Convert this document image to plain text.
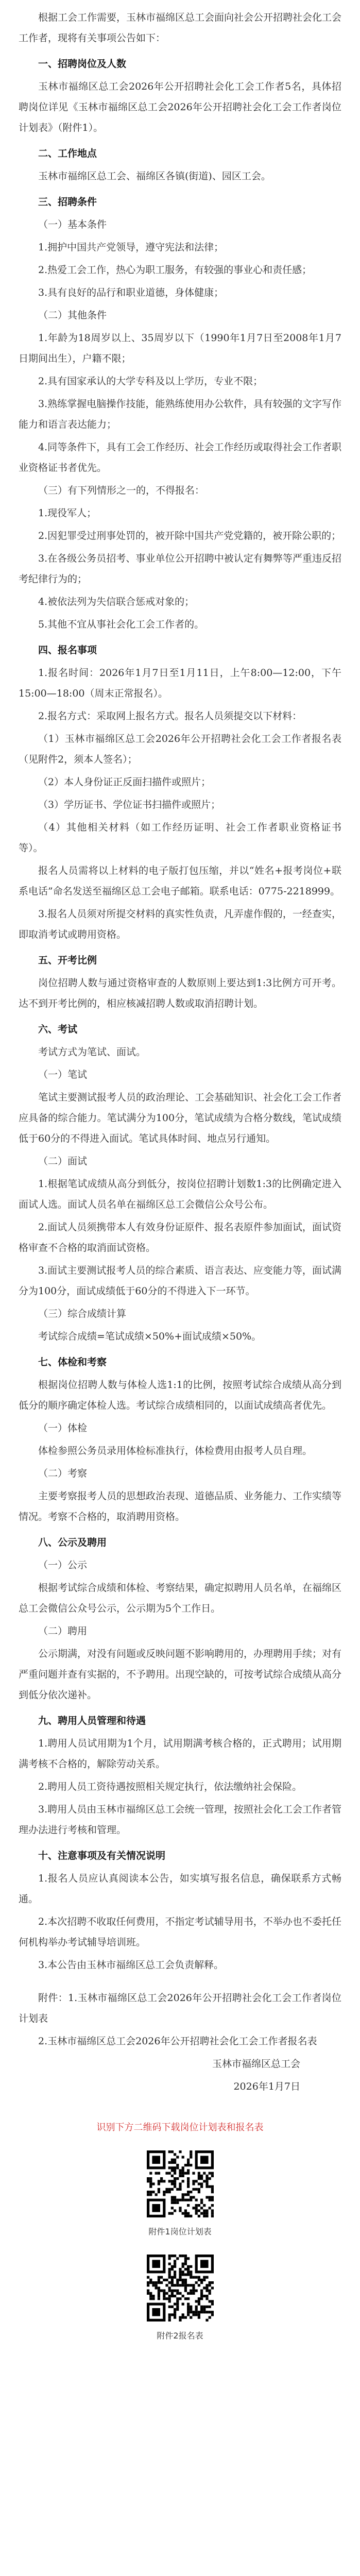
根据工会工作需要，玉林市福绵区总工会面向社会公开招聘社会化工会工作者，现将有关事项公告如下：

一、招聘岗位及人数

玉林市福绵区总工会2026年公开招聘社会化工会工作者5名，具体招聘岗位详见《玉林市福绵区总工会2026年公开招聘社会化工会工作者岗位计划表》（附件1）。

二、工作地点

玉林市福绵区总工会、福绵区各镇(街道)、园区工会。

三、招聘条件

（一）基本条件

1.拥护中国共产党领导，遵守宪法和法律；

2.热爱工会工作，热心为职工服务，有较强的事业心和责任感；

3.具有良好的品行和职业道德，身体健康；

（二）其他条件

1.年龄为18周岁以上、35周岁以下（1990年1月7日至2008年1月7日期间出生），户籍不限；

2.具有国家承认的大学专科及以上学历，专业不限；

3.熟练掌握电脑操作技能，能熟练使用办公软件，具有较强的文字写作能力和语言表达能力；

4.同等条件下，具有工会工作经历、社会工作经历或取得社会工作者职业资格证书者优先。

（三）有下列情形之一的，不得报名：

1.现役军人；

2.因犯罪受过刑事处罚的，被开除中国共产党党籍的，被开除公职的；

3.在各级公务员招考、事业单位公开招聘中被认定有舞弊等严重违反招考纪律行为的；

4.被依法列为失信联合惩戒对象的；

5.其他不宜从事社会化工会工作者的。

四、报名事项

1.报名时间：2026年1月7日至1月11日，上午8:00—12:00，下午15:00—18:00（周末正常报名）。

2.报名方式：采取网上报名方式。报名人员须提交以下材料：

（1）玉林市福绵区总工会2026年公开招聘社会化工会工作者报名表（见附件2，须本人签名）；

（2）本人身份证正反面扫描件或照片；

（3）学历证书、学位证书扫描件或照片；

（4）其他相关材料（如工作经历证明、社会工作者职业资格证书等）。

报名人员需将以上材料的电子版打包压缩，并以“姓名+报考岗位+联系电话”命名发送至福绵区总工会电子邮箱。联系电话：0775-2218999。

3.报名人员须对所提交材料的真实性负责，凡弄虚作假的，一经查实，即取消考试或聘用资格。

五、开考比例

岗位招聘人数与通过资格审查的人数原则上要达到1:3比例方可开考。达不到开考比例的，相应核减招聘人数或取消招聘计划。

六、考试

考试方式为笔试、面试。

（一）笔试

笔试主要测试报考人员的政治理论、工会基础知识、社会化工会工作者应具备的综合能力。笔试满分为100分，笔试成绩为合格分数线，笔试成绩低于60分的不得进入面试。笔试具体时间、地点另行通知。

（二）面试

1.根据笔试成绩从高分到低分，按岗位招聘计划数1:3的比例确定进入面试人选。面试人员名单在福绵区总工会微信公众号公布。

2.面试人员须携带本人有效身份证原件、报名表原件参加面试，面试资格审查不合格的取消面试资格。

3.面试主要测试报考人员的综合素质、语言表达、应变能力等，面试满分为100分，面试成绩低于60分的不得进入下一环节。

（三）综合成绩计算

考试综合成绩=笔试成绩×50%+面试成绩×50%。

七、体检和考察

根据岗位招聘人数与体检人选1:1的比例，按照考试综合成绩从高分到低分的顺序确定体检人选。考试综合成绩相同的，以面试成绩高者优先。

（一）体检

体检参照公务员录用体检标准执行，体检费用由报考人员自理。

（二）考察

主要考察报考人员的思想政治表现、道德品质、业务能力、工作实绩等情况。考察不合格的，取消聘用资格。

八、公示及聘用

（一）公示

根据考试综合成绩和体检、考察结果，确定拟聘用人员名单，在福绵区总工会微信公众号公示，公示期为5个工作日。

（二）聘用

公示期满，对没有问题或反映问题不影响聘用的，办理聘用手续；对有严重问题并查有实据的，不予聘用。出现空缺的，可按考试综合成绩从高分到低分依次递补。

九、聘用人员管理和待遇

1.聘用人员试用期为1个月，试用期满考核合格的，正式聘用；试用期满考核不合格的，解除劳动关系。

2.聘用人员工资待遇按照相关规定执行，依法缴纳社会保险。

3.聘用人员由玉林市福绵区总工会统一管理，按照社会化工会工作者管理办法进行考核和管理。

十、注意事项及有关情况说明

1.报名人员应认真阅读本公告，如实填写报名信息，确保联系方式畅通。

2.本次招聘不收取任何费用，不指定考试辅导用书，不举办也不委托任何机构举办考试辅导培训班。

3.本公告由玉林市福绵区总工会负责解释。

附件：1.玉林市福绵区总工会2026年公开招聘社会化工会工作者岗位计划表

2.玉林市福绵区总工会2026年公开招聘社会化工会工作者报名表

玉林市福绵区总工会

2026年1月7日

识别下方二维码下载岗位计划表和报名表

附件1岗位计划表
附件2报名表
